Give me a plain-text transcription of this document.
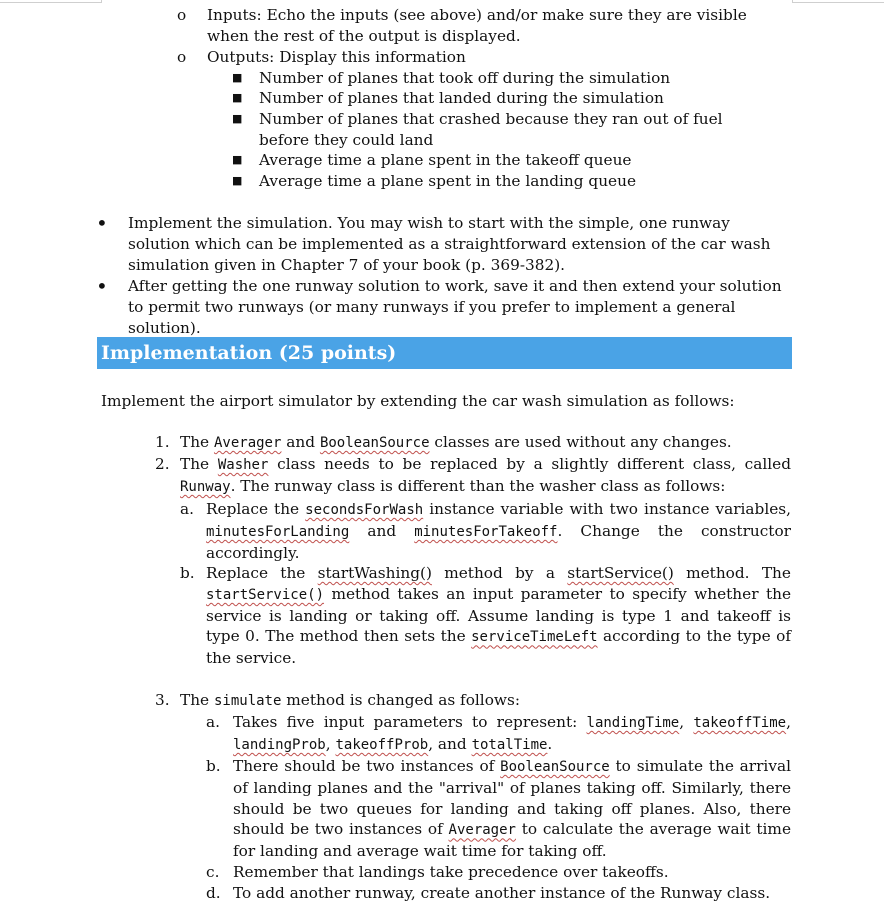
o	Inputs: Echo the inputs (see above) and/or make sure they are visible when the rest of the output is displayed.
o	Outputs: Display this information
■	Number of planes that took off during the simulation
■	Number of planes that landed during the simulation
■	Number of planes that crashed because they ran out of fuel before they could land
■	Average time a plane spent in the takeoff queue
■	Average time a plane spent in the landing queue
•	Implement the simulation. You may wish to start with the simple, one runway solution which can be implemented as a straightforward extension of the car wash simulation given in Chapter 7 of your book (p. 369-382).
•	After getting the one runway solution to work, save it and then extend your solution to permit two runways (or many runways if you prefer to implement a general solution).
Implementation (25 points)
Implement the airport simulator by extending the car wash simulation as follows:
1. The Averager and BooleanSource classes are used without any changes.
2. The Washer class needs to be replaced by a slightly different class, called Runway. The runway class is different than the washer class as follows:
a. Replace the secondsForWash instance variable with two instance variables, minutesForLanding and minutesForTakeoff. Change the constructor accordingly.
b. Replace the startWashing() method by a startService() method. The startService() method takes an input parameter to specify whether the service is landing or taking off. Assume landing is type 1 and takeoff is type 0. The method then sets the serviceTimeLeft according to the type of the service.
3. The simulate method is changed as follows:
a. Takes five input parameters to represent: landingTime, takeoffTime, landingProb, takeoffProb, and totalTime.
b. There should be two instances of BooleanSource to simulate the arrival of landing planes and the "arrival" of planes taking off. Similarly, there should be two queues for landing and taking off planes. Also, there should be two instances of Averager to calculate the average wait time for landing and average wait time for taking off.
c. Remember that landings take precedence over takeoffs.
d. To add another runway, create another instance of the Runway class.
